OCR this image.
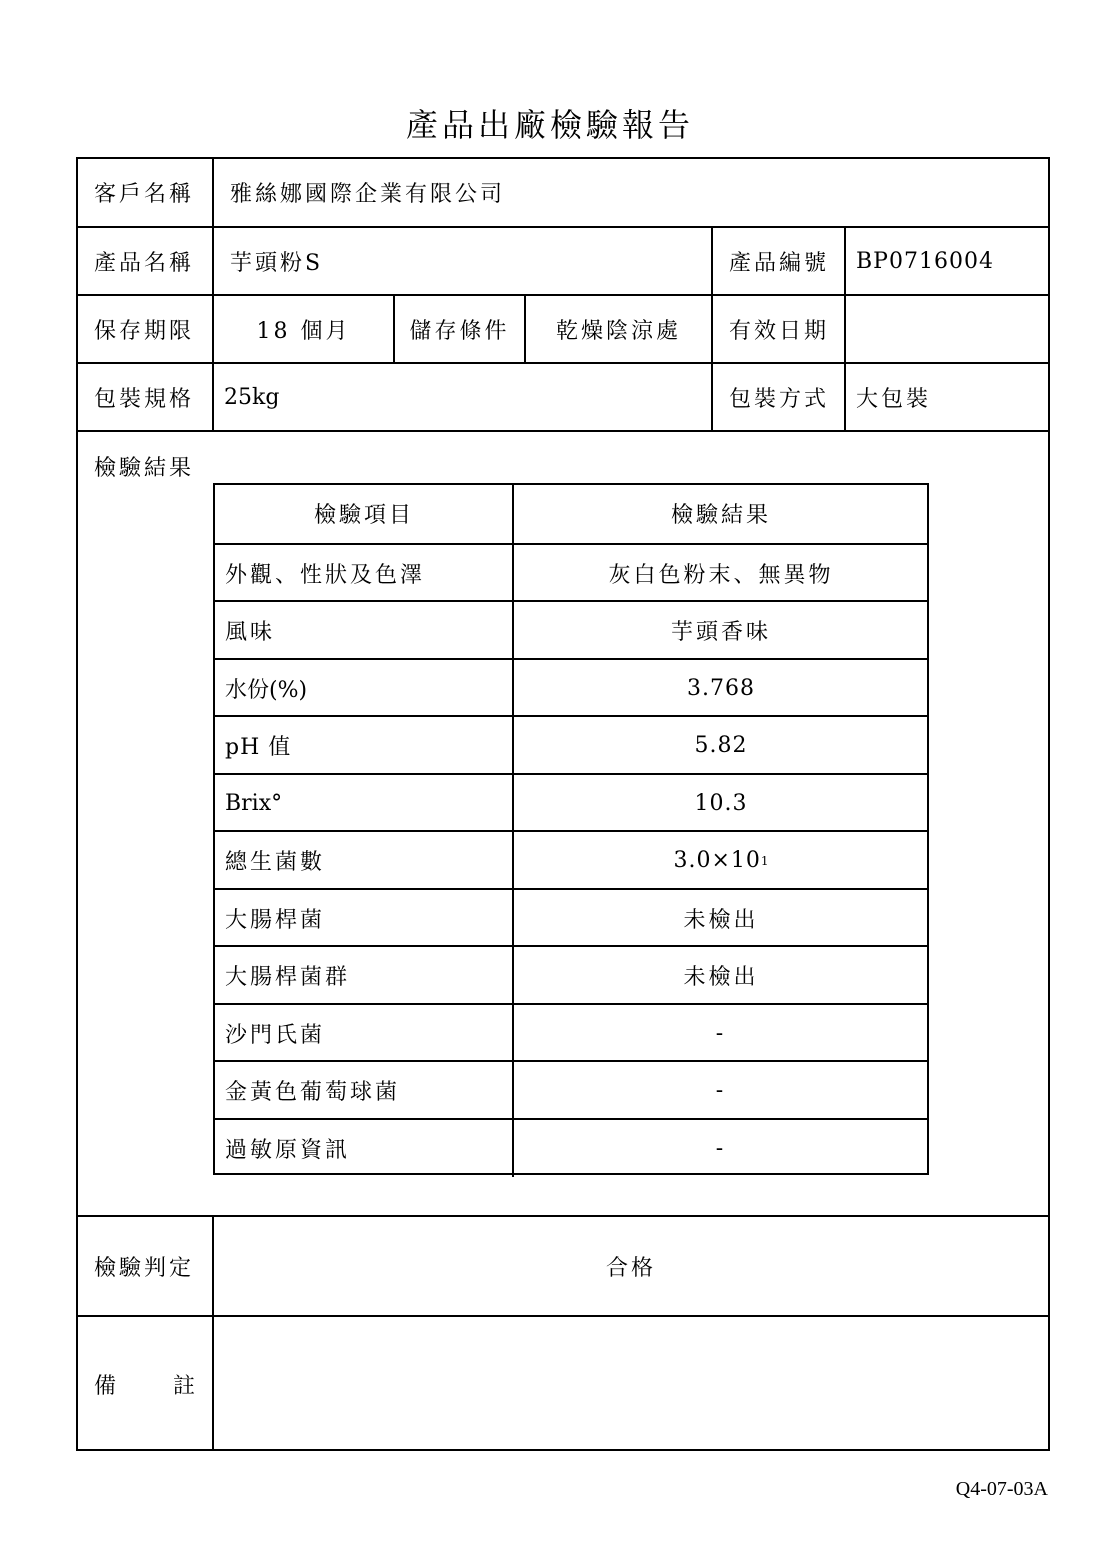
產品出廠檢驗報告
客戶名稱	雅絲娜國際企業有限公司
產品名稱	芋頭粉S	產品編號	BP0716004
保存期限	18 個月	儲存條件	乾燥陰涼處	有效日期
包裝規格	25kg	包裝方式	大包裝
檢驗結果
檢驗項目	檢驗結果
外觀、性狀及色澤	灰白色粉末、無異物
風味	芋頭香味
水份(%)	3.768
pH 值	5.82
Brix°	10.3
總生菌數	3.0×10 1
大腸桿菌	未檢出
大腸桿菌群	未檢出
沙門氏菌	-
金黃色葡萄球菌	-
過敏原資訊	-
檢驗判定	合格
備 註
Q4-07-03A
